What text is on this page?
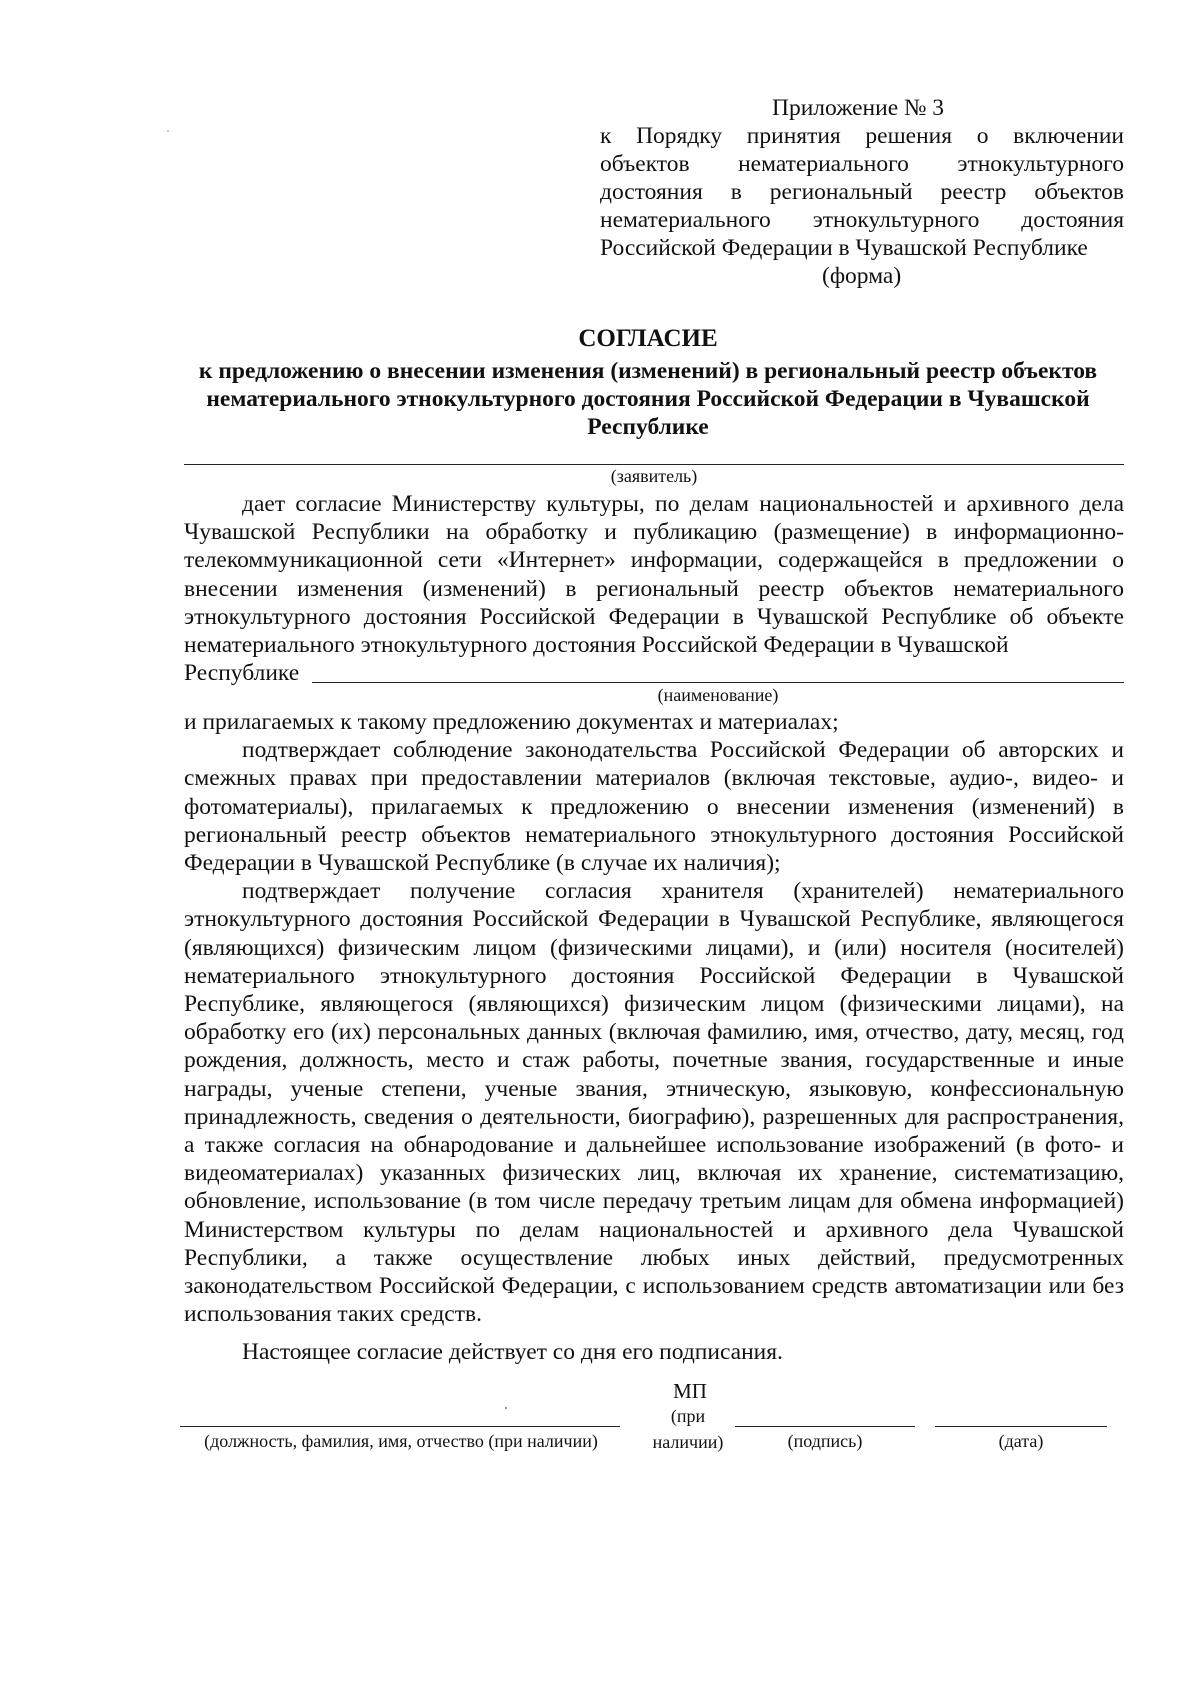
Приложение № 3
к Порядку принятия решения о включении
объектов нематериального этнокультурного
достояния в региональный реестр объектов
нематериального этнокультурного достояния
Российской Федерации в Чувашской Республике
(форма)
СОГЛАСИЕ
к предложению о внесении изменения (изменений) в региональный реестр объектов нематериального этнокультурного достояния Российской Федерации в Чувашской Республике
(заявитель)

дает согласие Министерству культуры, по делам национальностей и архивного дела Чувашской Республики на обработку и публикацию (размещение) в информационно-телекоммуникационной сети «Интернет» информации, содержащейся в предложении о внесении изменения (изменений) в региональный реестр объектов нематериального этнокультурного достояния Российской Федерации в Чувашской Республике об объекте нематериального этнокультурного достояния Российской Федерации в Чувашской

Республике

(наименование)

и прилагаемых к такому предложению документах и материалах;

подтверждает соблюдение законодательства Российской Федерации об авторских и смежных правах при предоставлении материалов (включая текстовые, аудио-, видео- и фотоматериалы), прилагаемых к предложению о внесении изменения (изменений) в региональный реестр объектов нематериального этнокультурного достояния Российской Федерации в Чувашской Республике (в случае их наличия);

подтверждает получение согласия хранителя (хранителей) нематериального этнокультурного достояния Российской Федерации в Чувашской Республике, являющегося (являющихся) физическим лицом (физическими лицами), и (или) носителя (носителей) нематериального этнокультурного достояния Российской Федерации в Чувашской Республике, являющегося (являющихся) физическим лицом (физическими лицами), на обработку его (их) персональных данных (включая фамилию, имя, отчество, дату, месяц, год рождения, должность, место и стаж работы, почетные звания, государственные и иные награды, ученые степени, ученые звания, этническую, языковую, конфессиональную принадлежность, сведения о деятельности, биографию), разрешенных для распространения, а также согласия на обнародование и дальнейшее использование изображений (в фото- и видеоматериалах) указанных физических лиц, включая их хранение, систематизацию, обновление, использование (в том числе передачу третьим лицам для обмена информацией) Министерством культуры по делам национальностей и архивного дела Чувашской Республики, а также осуществление любых иных действий, предусмотренных законодательством Российской Федерации, с использованием средств автоматизации или без использования таких средств.

Настоящее согласие действует со дня его подписания.

МП
(должность, фамилия, имя, отчество (при наличии)
(при
наличии)	(подпись)	(дата)
